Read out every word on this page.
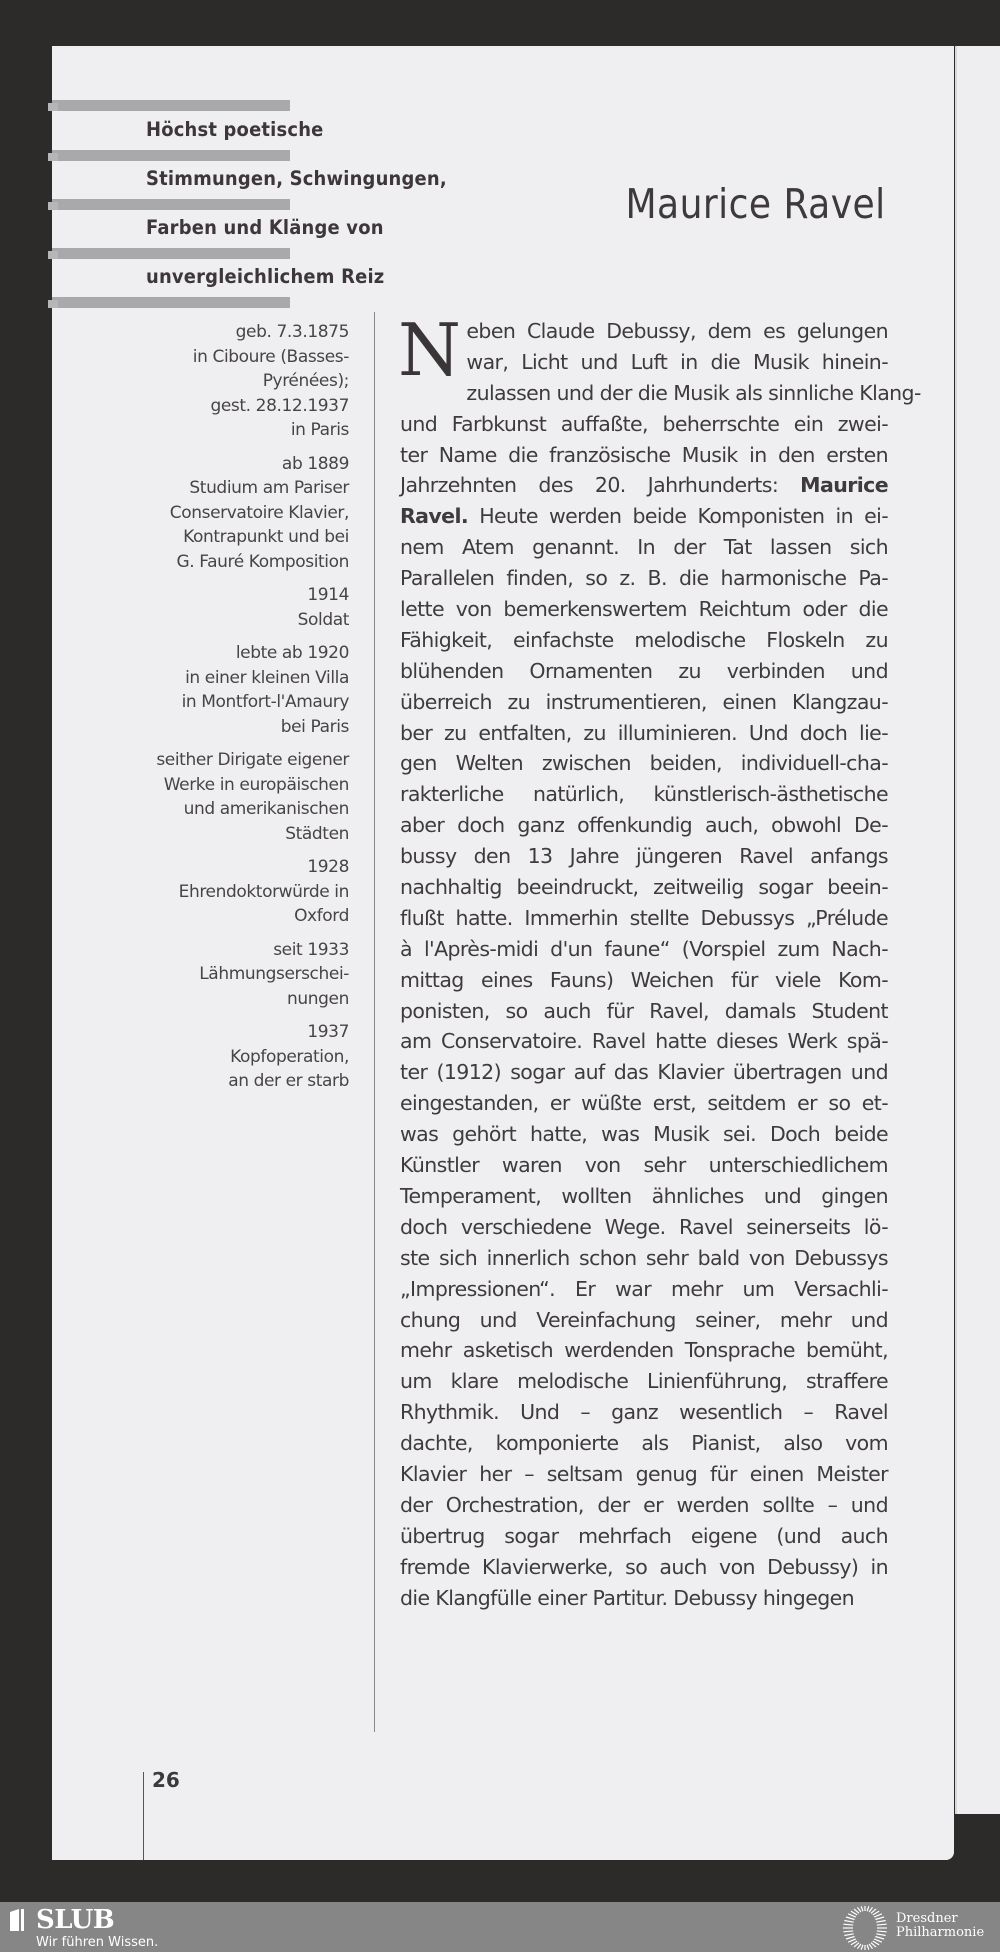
Höchst poetische
Stimmungen, Schwingungen,
Farben und Klänge von
unvergleichlichem Reiz
Maurice Ravel
geb. 7.3.1875
in Ciboure (Basses-
Pyrénées);
gest. 28.12.1937
in Paris
ab 1889
Studium am Pariser
Conservatoire Klavier,
Kontrapunkt und bei
G. Fauré Komposition
1914
Soldat
lebte ab 1920
in einer kleinen Villa
in Montfort-l'Amaury
bei Paris
seither Dirigate eigener
Werke in europäischen
und amerikanischen
Städten
1928
Ehrendoktorwürde in
Oxford
seit 1933
Lähmungserschei-
nungen
1937
Kopfoperation,
an der er starb
N eben Claude Debussy, dem es gelungen
war, Licht und Luft in die Musik hinein-
zulassen und der die Musik als sinnliche Klang-
und Farbkunst auffaßte, beherrschte ein zwei-
ter Name die französische Musik in den ersten
Jahrzehnten des 20. Jahrhunderts: Maurice
Ravel. Heute werden beide Komponisten in ei-
nem Atem genannt. In der Tat lassen sich
Parallelen finden, so z. B. die harmonische Pa-
lette von bemerkenswertem Reichtum oder die
Fähigkeit, einfachste melodische Floskeln zu
blühenden Ornamenten zu verbinden und
überreich zu instrumentieren, einen Klangzau-
ber zu entfalten, zu illuminieren. Und doch lie-
gen Welten zwischen beiden, individuell-cha-
rakterliche natürlich, künstlerisch-ästhetische
aber doch ganz offenkundig auch, obwohl De-
bussy den 13 Jahre jüngeren Ravel anfangs
nachhaltig beeindruckt, zeitweilig sogar beein-
flußt hatte. Immerhin stellte Debussys „Prélude
à l'Après-midi d'un faune“ (Vorspiel zum Nach-
mittag eines Fauns) Weichen für viele Kom-
ponisten, so auch für Ravel, damals Student
am Conservatoire. Ravel hatte dieses Werk spä-
ter (1912) sogar auf das Klavier übertragen und
eingestanden, er wüßte erst, seitdem er so et-
was gehört hatte, was Musik sei. Doch beide
Künstler waren von sehr unterschiedlichem
Temperament, wollten ähnliches und gingen
doch verschiedene Wege. Ravel seinerseits lö-
ste sich innerlich schon sehr bald von Debussys
„Impressionen“. Er war mehr um Versachli-
chung und Vereinfachung seiner, mehr und
mehr asketisch werdenden Tonsprache bemüht,
um klare melodische Linienführung, straffere
Rhythmik. Und – ganz wesentlich – Ravel
dachte, komponierte als Pianist, also vom
Klavier her – seltsam genug für einen Meister
der Orchestration, der er werden sollte – und
übertrug sogar mehrfach eigene (und auch
fremde Klavierwerke, so auch von Debussy) in
die Klangfülle einer Partitur. Debussy hingegen
26
SLUB
Wir führen Wissen.
Dresdner
Philharmonie
